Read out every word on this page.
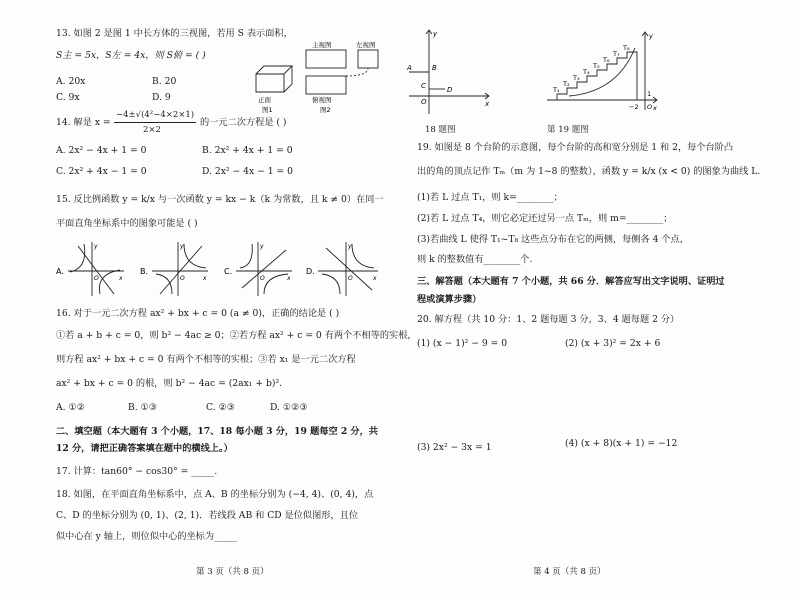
13. 如图 2 是图 1 中长方体的三视图，若用 S 表示面积，
S主 = 5x，S左 = 4x，则 S俯 = ( )
A. 20x	B. 20
C. 9x	D. 9
主视图	左视图
俯视图
正面
图1	图2
14. 解是 x =
−4±√(4²−4×2×1)
2×2
的一元二次方程是 ( )
A. 2x² − 4x + 1 = 0	B. 2x² + 4x + 1 = 0
C. 2x² + 4x − 1 = 0	D. 2x² − 4x − 1 = 0
15. 反比例函数 y = k/x 与一次函数 y = kx − k（k 为常数，且 k ≠ 0）在同一
平面直角坐标系中的图象可能是 ( )
A.	B.	C.	D.
y
x
O
y
x
O
y
x
O
y
x
O
16. 对于一元二次方程 ax² + bx + c = 0 (a ≠ 0)，正确的结论是 ( )
①若 a + b + c = 0，则 b² − 4ac ≥ 0；②若方程 ax² + c = 0 有两个不相等的实根，
则方程 ax² + bx + c = 0 有两个不相等的实根；③若 x₁ 是一元二次方程
ax² + bx + c = 0 的根，则 b² − 4ac = (2ax₁ + b)².
A. ①②	B. ①③	C. ②③	D. ①②③
二、填空题（本大题有 3 个小题，17、18 每小题 3 分，19 题每空 2 分，共
12 分，请把正确答案填在题中的横线上。）
17. 计算：tan60° − cos30° = _____.
18. 如图，在平面直角坐标系中，点 A、B 的坐标分别为 (−4, 4)、(0, 4)，点
C、D 的坐标分别为 (0, 1)、(2, 1)．若线段 AB 和 CD 是位似图形，且位
似中心在 y 轴上，则位似中心的坐标为_____
第 3 页（共 8 页）
A	B
C	D
O	x
y
18 题图
T₁
T₂
T₃
T₄
T₅
T₆
T₇
T₈
y
x
−2 O
1
第 19 题图
19. 如图是 8 个台阶的示意图，每个台阶的高和宽分别是 1 和 2，每个台阶凸
出的角的顶点记作 Tₘ（m 为 1~8 的整数），函数 y = k/x (x < 0) 的图象为曲线 L.
(1)若 L 过点 T₁，则 k=________；
(2)若 L 过点 T₄，则它必定还过另一点 Tₘ，则 m=________；
(3)若曲线 L 使得 T₁~T₈ 这些点分布在它的两侧，每侧各 4 个点，
则 k 的整数值有________个.
三、解答题（本大题有 7 个小题，共 66 分．解答应写出文字说明、证明过
程或演算步骤）
20. 解方程（共 10 分：1、2 题每题 3 分，3、4 题每题 2 分）
(1) (x − 1)² − 9 = 0	(2) (x + 3)² = 2x + 6
(3) 2x² − 3x = 1	(4) (x + 8)(x + 1) = −12
第 4 页（共 8 页）
